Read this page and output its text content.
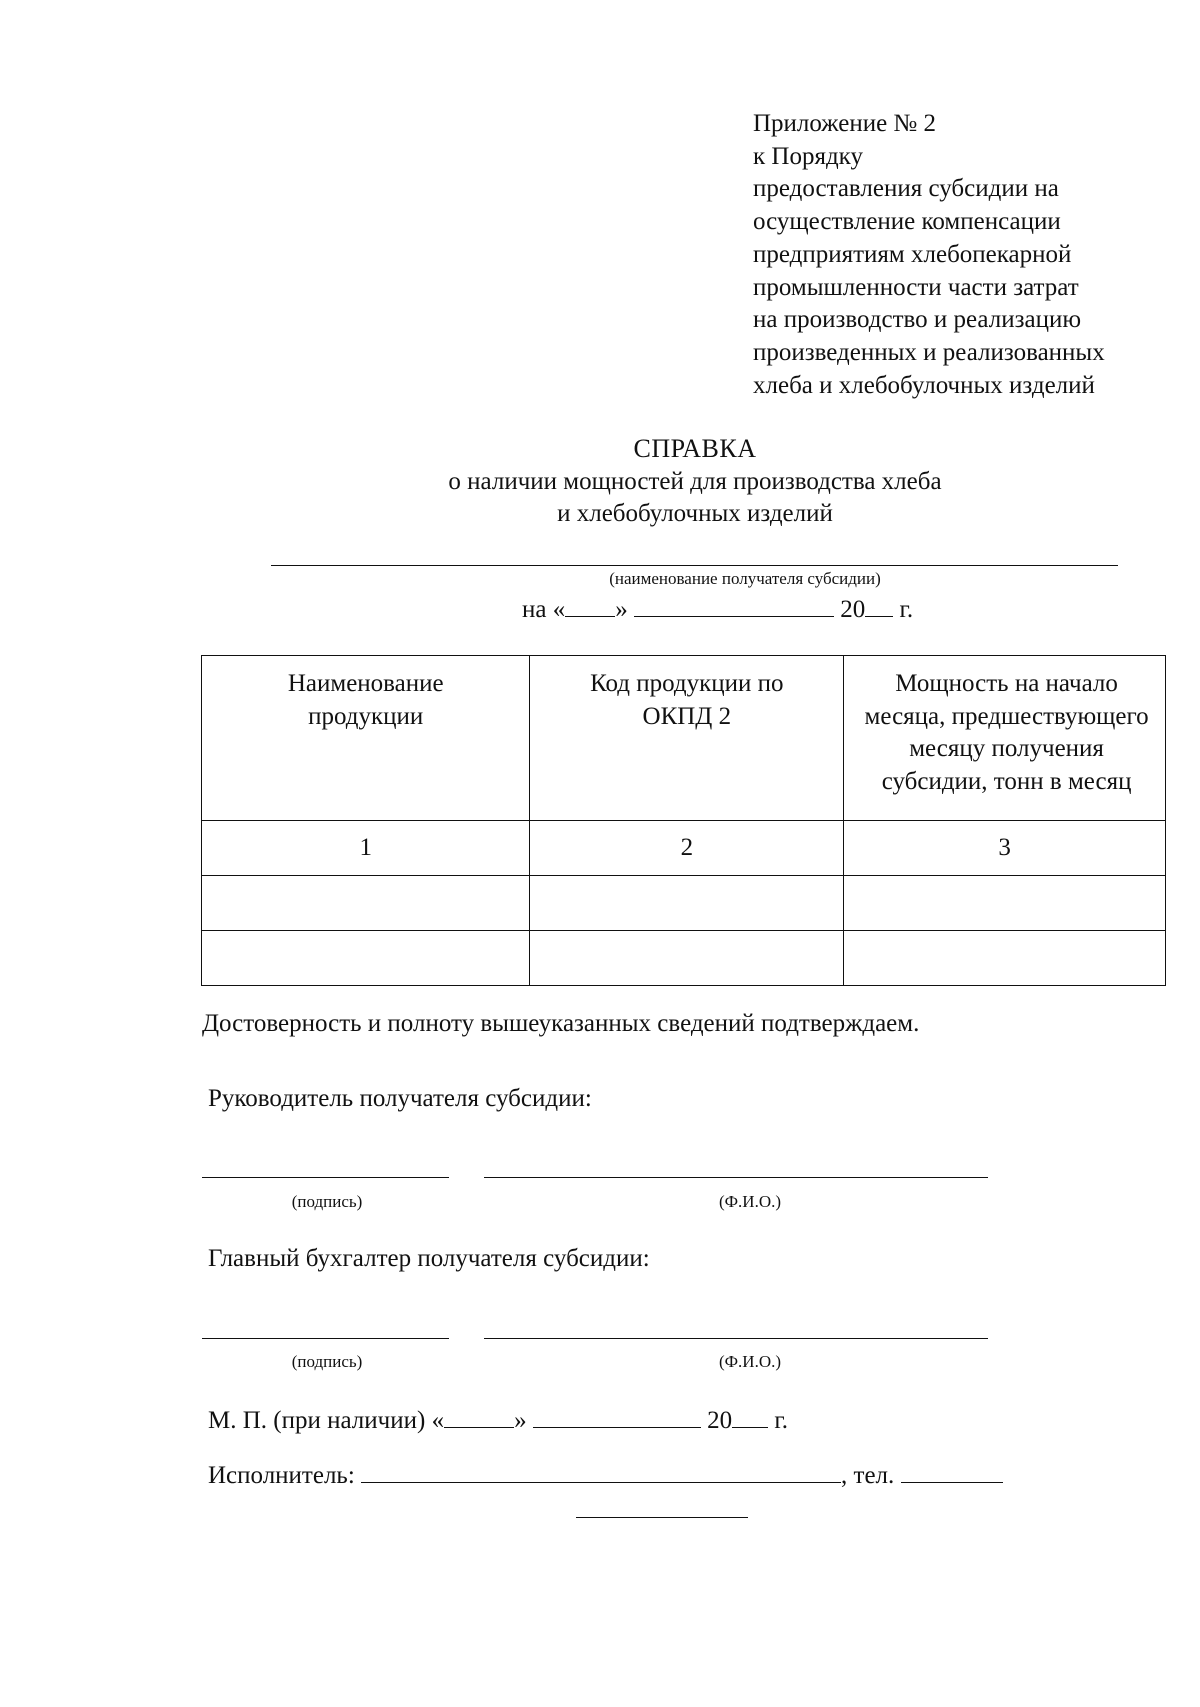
Приложение № 2
к Порядку
предоставления субсидии на
осуществление компенсации
предприятиям хлебопекарной
промышленности части затрат
на производство и реализацию
произведенных и реализованных
хлеба и хлебобулочных изделий
СПРАВКА
о наличии мощностей для производства хлеба
и хлебобулочных изделий
(наименование получателя субсидии)
на « »	20 г.
Наименование продукции	Код продукции по ОКПД 2	Мощность на начало месяца, предшествующего месяцу получения субсидии, тонн в месяц
1	2	3

Достоверность и полноту вышеуказанных сведений подтверждаем.
Руководитель получателя субсидии:
(подпись)	(Ф.И.О.)
Главный бухгалтер получателя субсидии:
(подпись)	(Ф.И.О.)
М. П. (при наличии) «	»	20 г.
Исполнитель:	, тел.
